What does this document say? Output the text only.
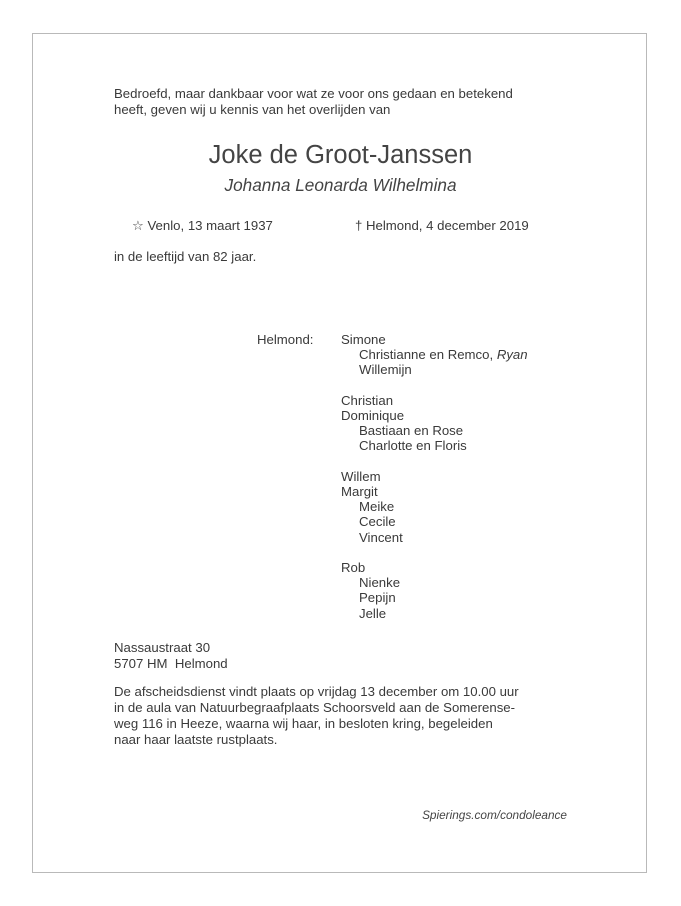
Bedroefd, maar dankbaar voor wat ze voor ons gedaan en betekend
heeft, geven wij u kennis van het overlijden van
Joke de Groot-Janssen
Johanna Leonarda Wilhelmina
☆ Venlo, 13 maart 1937	† Helmond, 4 december 2019
in de leeftijd van 82 jaar.
Helmond: Simone
Christianne en Remco, Ryan
Willemijn
Christian
Dominique
Bastiaan en Rose
Charlotte en Floris
Willem
Margit
Meike
Cecile
Vincent
Rob
Nienke
Pepijn
Jelle
Nassaustraat 30
5707 HM  Helmond
De afscheidsdienst vindt plaats op vrijdag 13 december om 10.00 uur
in de aula van Natuurbegraafplaats Schoorsveld aan de Somerense-
weg 116 in Heeze, waarna wij haar, in besloten kring, begeleiden
naar haar laatste rustplaats.
Spierings.com/condoleance
